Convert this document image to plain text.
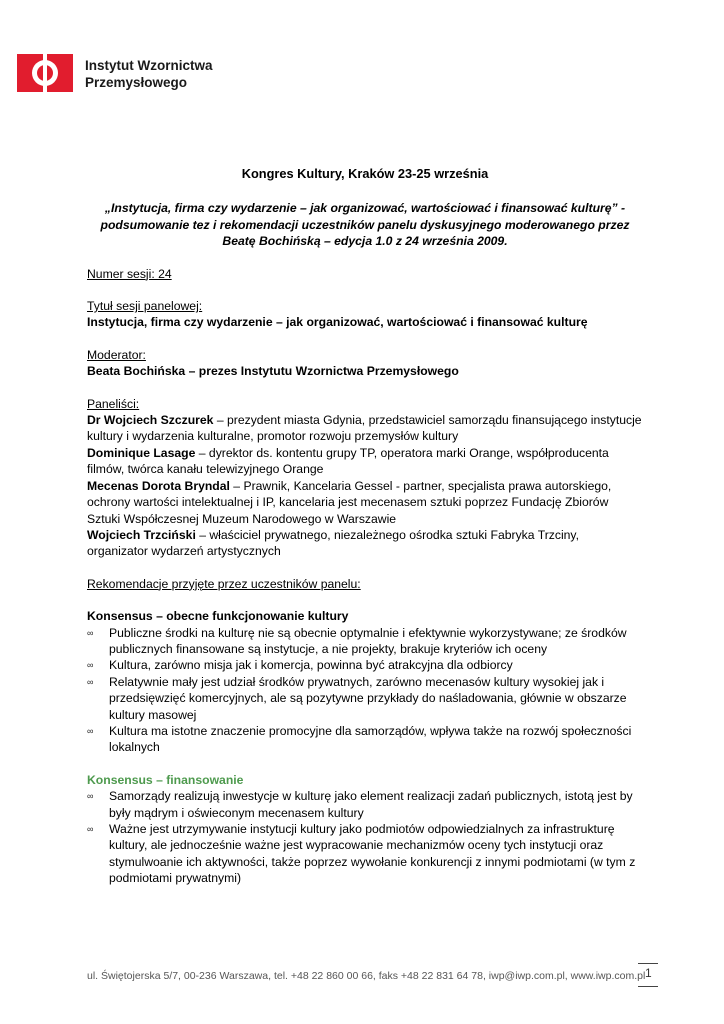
Instytut Wzornictwa
Przemysłowego

Kongres Kultury, Kraków 23-25 września

„Instytucja, firma czy wydarzenie – jak organizować, wartościować i finansować kulturę” - podsumowanie tez i rekomendacji uczestników panelu dyskusyjnego moderowanego przez Beatę Bochińską – edycja 1.0 z 24 września 2009.

Numer sesji: 24

Tytuł sesji panelowej:

Instytucja, firma czy wydarzenie – jak organizować, wartościować i finansować kulturę

Moderator:

Beata Bochińska – prezes Instytutu Wzornictwa Przemysłowego

Paneliści:

Dr Wojciech Szczurek – prezydent miasta Gdynia, przedstawiciel samorządu finansującego instytucje kultury i wydarzenia kulturalne, promotor rozwoju przemysłów kultury

Dominique Lasage – dyrektor ds. kontentu grupy TP, operatora marki Orange, współproducenta filmów, twórca kanału telewizyjnego Orange

Mecenas Dorota Bryndal – Prawnik, Kancelaria Gessel - partner, specjalista prawa autorskiego, ochrony wartości intelektualnej i IP, kancelaria jest mecenasem sztuki poprzez Fundację Zbiorów Sztuki Współczesnej Muzeum Narodowego w Warszawie

Wojciech Trzciński – właściciel prywatnego, niezależnego ośrodka sztuki Fabryka Trzciny, organizator wydarzeń artystycznych

Rekomendacje przyjęte przez uczestników panelu:

Konsensus – obecne funkcjonowanie kultury

∞ Publiczne środki na kulturę nie są obecnie optymalnie i efektywnie wykorzystywane; ze środków publicznych finansowane są instytucje, a nie projekty, brakuje kryteriów ich oceny
∞ Kultura, zarówno misja jak i komercja, powinna być atrakcyjna dla odbiorcy
∞ Relatywnie mały jest udział środków prywatnych, zarówno mecenasów kultury wysokiej jak i przedsięwzięć komercyjnych, ale są pozytywne przykłady do naśladowania, głównie w obszarze kultury masowej
∞ Kultura ma istotne znaczenie promocyjne dla samorządów, wpływa także na rozwój społeczności lokalnych

Konsensus – finansowanie

∞ Samorządy realizują inwestycje w kulturę jako element realizacji zadań publicznych, istotą jest by były mądrym i oświeconym mecenasem kultury
∞ Ważne jest utrzymywanie instytucji kultury jako podmiotów odpowiedzialnych za infrastrukturę kultury, ale jednocześnie ważne jest wypracowanie mechanizmów oceny tych instytucji oraz stymulwoanie ich aktywności, także poprzez wywołanie konkurencji z innymi podmiotami (w tym z podmiotami prywatnymi)
ul. Świętojerska 5/7, 00-236 Warszawa, tel. +48 22 860 00 66, faks +48 22 831 64 78, iwp@iwp.com.pl, www.iwp.com.pl 1
